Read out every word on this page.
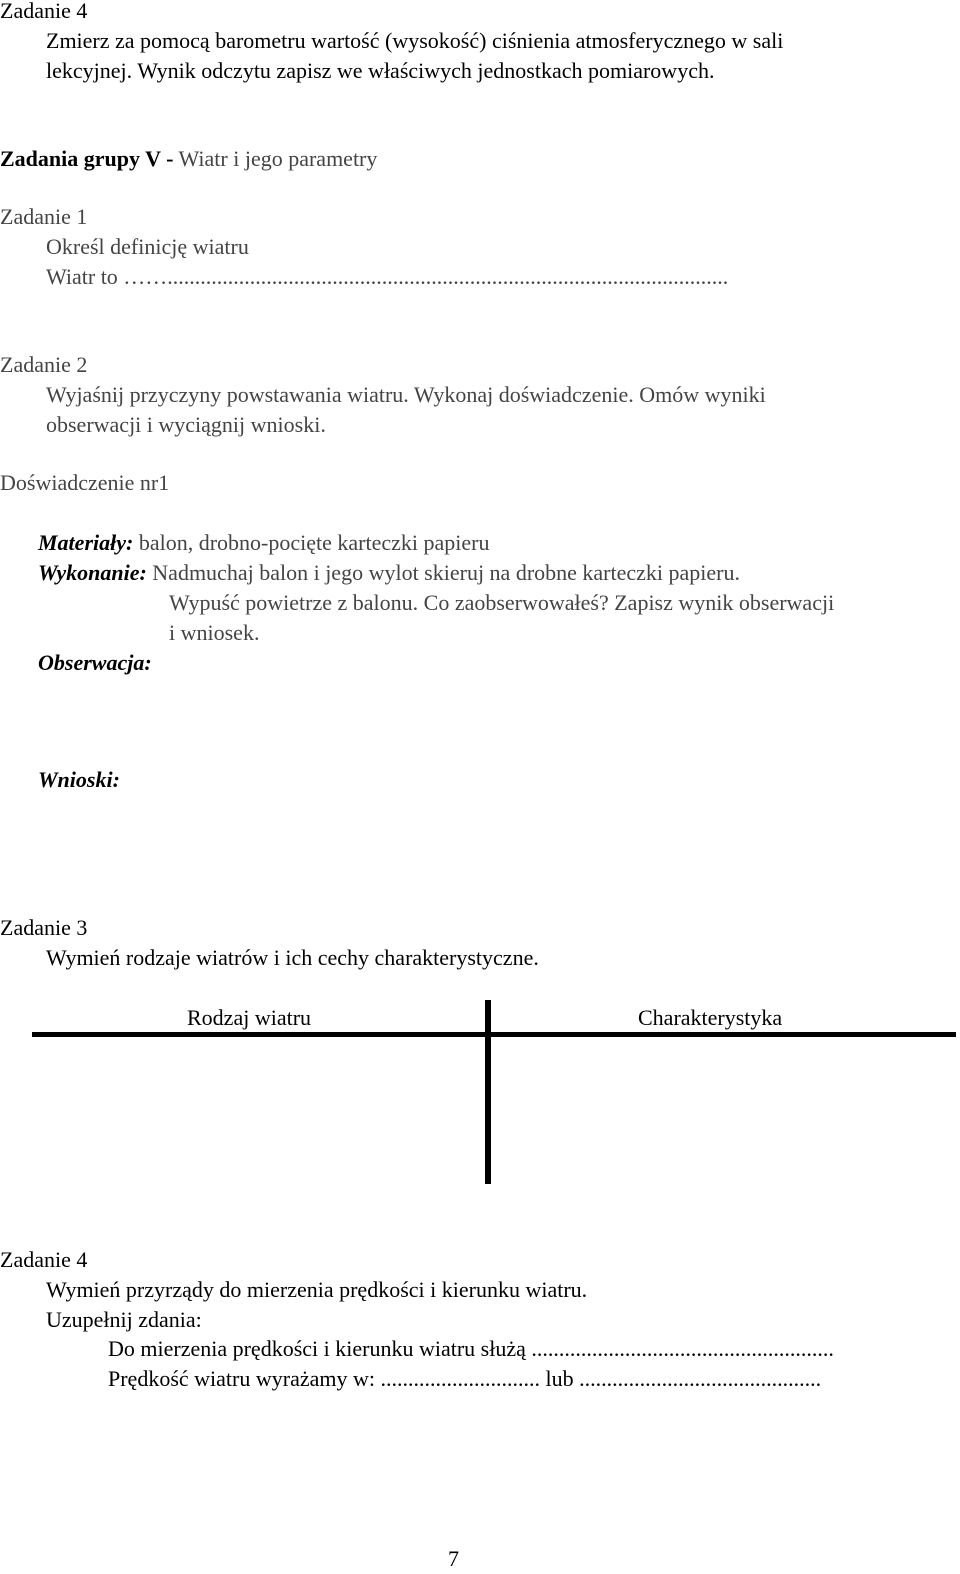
Zadanie 4
Zmierz za pomocą barometru wartość (wysokość) ciśnienia atmosferycznego w sali
lekcyjnej. Wynik odczytu zapisz we właściwych jednostkach pomiarowych.
Zadania grupy V - Wiatr i jego parametry
Zadanie 1
Określ definicję wiatru
Wiatr to ……......................................................................................................
Zadanie 2
Wyjaśnij przyczyny powstawania wiatru. Wykonaj doświadczenie. Omów wyniki
obserwacji i wyciągnij wnioski.
Doświadczenie nr1
Materiały: balon, drobno-pocięte karteczki papieru
Wykonanie: Nadmuchaj balon i jego wylot skieruj na drobne karteczki papieru.
Wypuść powietrze z balonu. Co zaobserwowałeś? Zapisz wynik obserwacji
i wniosek.
Obserwacja:
Wnioski:
Zadanie 3
Wymień rodzaje wiatrów i ich cechy charakterystyczne.
Rodzaj wiatru	Charakterystyka
Zadanie 4
Wymień przyrządy do mierzenia prędkości i kierunku wiatru.
Uzupełnij zdania:
Do mierzenia prędkości i kierunku wiatru służą .......................................................
Prędkość wiatru wyrażamy w: ............................. lub ............................................
7
